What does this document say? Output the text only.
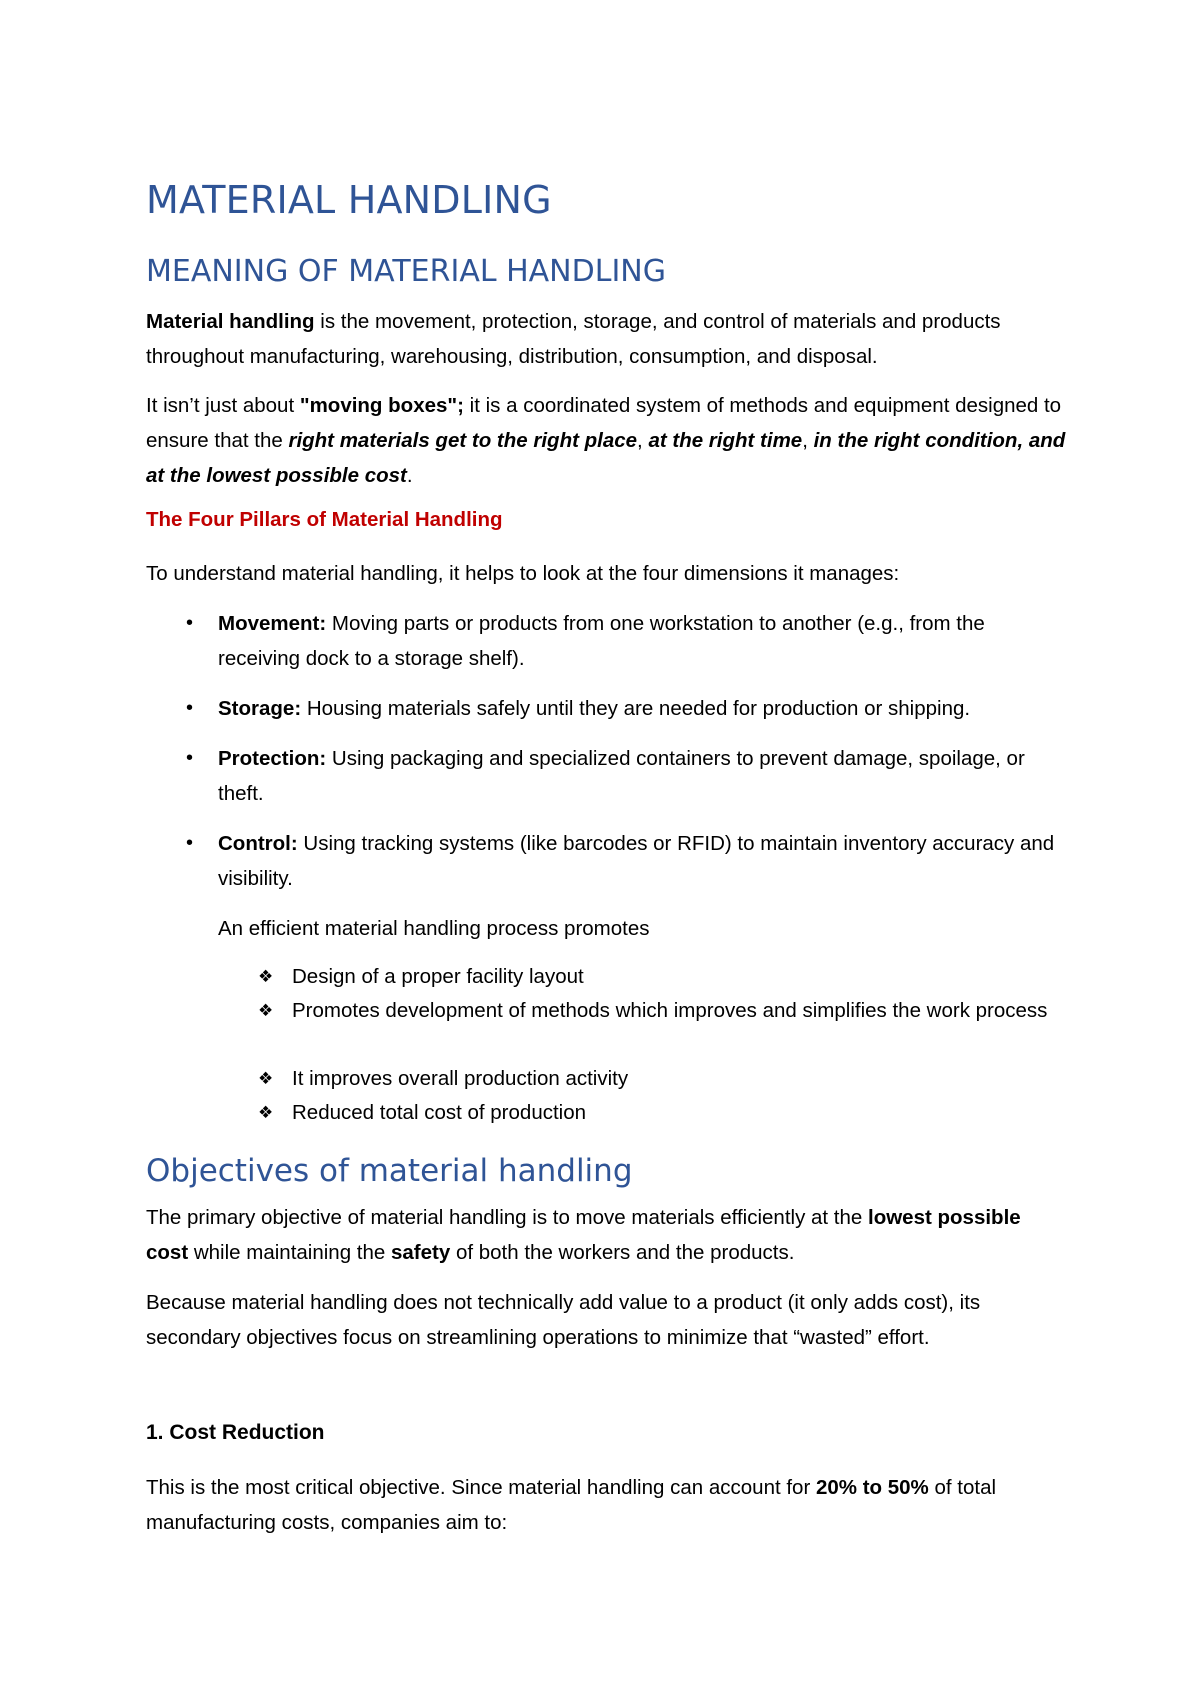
MATERIAL HANDLING
MEANING OF MATERIAL HANDLING

Material handling is the movement, protection, storage, and control of materials and products throughout manufacturing, warehousing, distribution, consumption, and disposal.

It isn’t just about "moving boxes"; it is a coordinated system of methods and equipment designed to ensure that the right materials get to the right place, at the right time, in the right condition, and at the lowest possible cost.

The Four Pillars of Material Handling

To understand material handling, it helps to look at the four dimensions it manages:

• Movement: Moving parts or products from one workstation to another (e.g., from the receiving dock to a storage shelf).

• Storage: Housing materials safely until they are needed for production or shipping.

• Protection: Using packaging and specialized containers to prevent damage, spoilage, or theft.

• Control: Using tracking systems (like barcodes or RFID) to maintain inventory accuracy and visibility.

An efficient material handling process promotes

❖ Design of a proper facility layout

❖ Promotes development of methods which improves and simplifies the work process

❖ It improves overall production activity

❖ Reduced total cost of production

Objectives of material handling

The primary objective of material handling is to move materials efficiently at the lowest possible cost while maintaining the safety of both the workers and the products.

Because material handling does not technically add value to a product (it only adds cost), its secondary objectives focus on streamlining operations to minimize that “wasted” effort.

1. Cost Reduction

This is the most critical objective. Since material handling can account for 20% to 50% of total manufacturing costs, companies aim to:
